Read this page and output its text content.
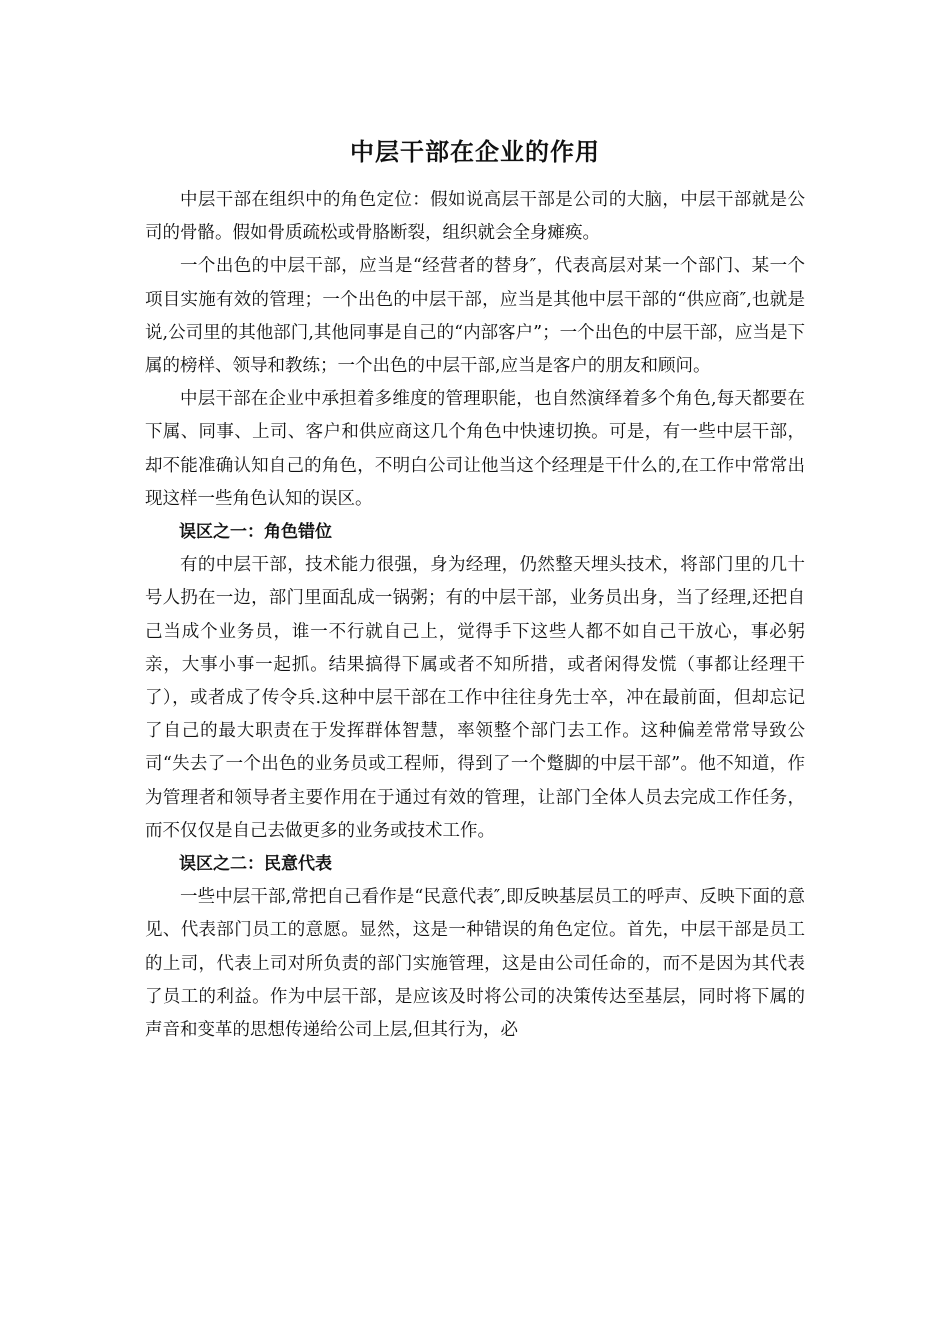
中层干部在企业的作用

中层干部在组织中的角色定位：假如说高层干部是公司的大脑，中层干部就是公司的骨骼。假如骨质疏松或骨胳断裂，组织就会全身瘫痪。

一个出色的中层干部，应当是“经营者的替身″，代表高层对某一个部门、某一个项目实施有效的管理；一个出色的中层干部，应当是其他中层干部的“供应商″,也就是说,公司里的其他部门,其他同事是自己的“内部客户”；一个出色的中层干部，应当是下属的榜样、领导和教练；一个出色的中层干部,应当是客户的朋友和顾问。

中层干部在企业中承担着多维度的管理职能，也自然演绎着多个角色,每天都要在下属、同事、上司、客户和供应商这几个角色中快速切换。可是，有一些中层干部，却不能准确认知自己的角色，不明白公司让他当这个经理是干什么的,在工作中常常出现这样一些角色认知的误区。

误区之一：角色错位

有的中层干部，技术能力很强，身为经理，仍然整天埋头技术，将部门里的几十号人扔在一边，部门里面乱成一锅粥；有的中层干部，业务员出身，当了经理,还把自己当成个业务员，谁一不行就自己上，觉得手下这些人都不如自己干放心，事必躬亲，大事小事一起抓。结果搞得下属或者不知所措，或者闲得发慌（事都让经理干了），或者成了传令兵.这种中层干部在工作中往往身先士卒，冲在最前面，但却忘记了自己的最大职责在于发挥群体智慧，率领整个部门去工作。这种偏差常常导致公司“失去了一个出色的业务员或工程师，得到了一个蹩脚的中层干部”。他不知道，作为管理者和领导者主要作用在于通过有效的管理，让部门全体人员去完成工作任务，而不仅仅是自己去做更多的业务或技术工作。

误区之二：民意代表

一些中层干部,常把自己看作是“民意代表″,即反映基层员工的呼声、反映下面的意见、代表部门员工的意愿。显然，这是一种错误的角色定位。首先，中层干部是员工的上司，代表上司对所负责的部门实施管理，这是由公司任命的，而不是因为其代表了员工的利益。作为中层干部，是应该及时将公司的决策传达至基层，同时将下属的声音和变革的思想传递给公司上层,但其行为，必
